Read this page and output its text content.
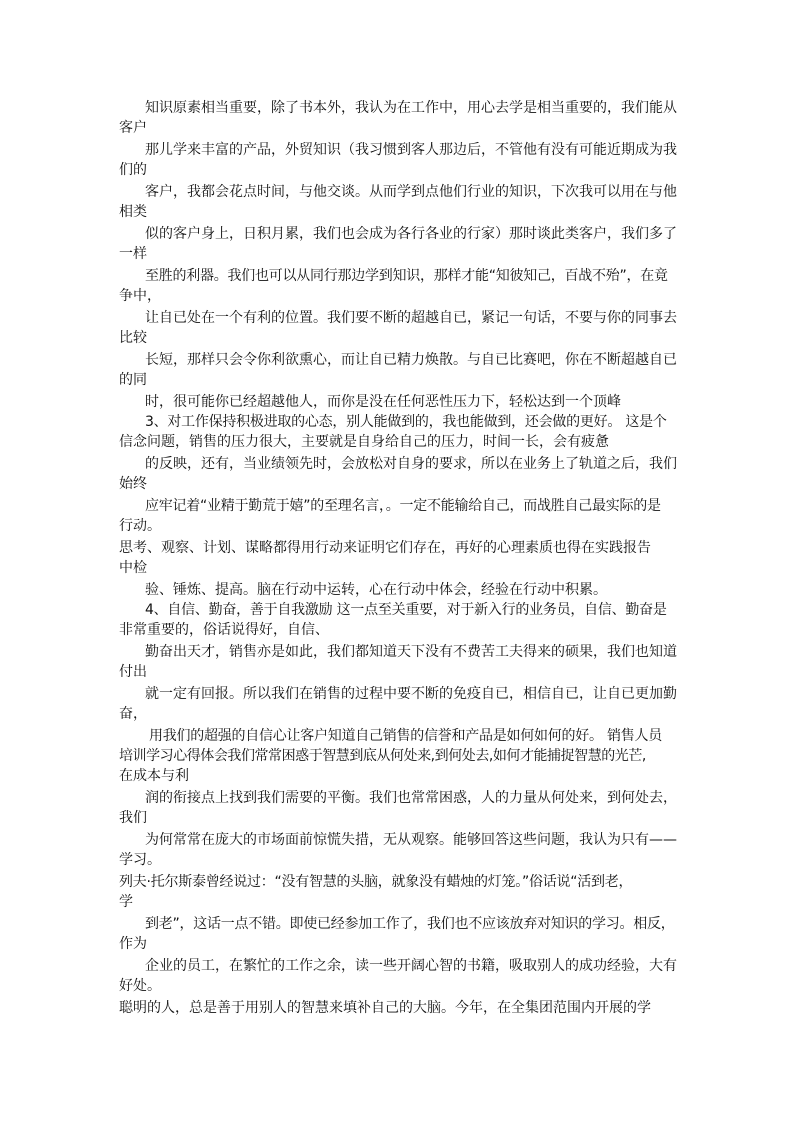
知识原素相当重要，除了书本外，我认为在工作中，用心去学是相当重要的，我们能从
客户
那儿学来丰富的产品，外贸知识（我习惯到客人那边后，不管他有没有可能近期成为我
们的
客户，我都会花点时间，与他交谈。从而学到点他们行业的知识，下次我可以用在与他
相类
似的客户身上，日积月累，我们也会成为各行各业的行家）那时谈此类客户，我们多了
一样
至胜的利器。我们也可以从同行那边学到知识，那样才能“知彼知己，百战不殆”，在竟
争中，
让自已处在一个有利的位置。我们要不断的超越自已，紧记一句话，不要与你的同事去
比较
长短，那样只会令你利欲熏心，而让自已精力焕散。与自已比赛吧，你在不断超越自已
的同
时，很可能你已经超越他人，而你是没在任何恶性压力下，轻松达到一个顶峰
3、对工作保持积极进取的心态，别人能做到的，我也能做到，还会做的更好。 这是个
信念问题，销售的压力很大，主要就是自身给自己的压力，时间一长，会有疲惫
的反映，还有，当业绩领先时，会放松对自身的要求，所以在业务上了轨道之后，我们
始终
应牢记着“业精于勤荒于嬉”的至理名言，。一定不能输给自己，而战胜自己最实际的是
行动。
思考、观察、计划、谋略都得用行动来证明它们存在，再好的心理素质也得在实践报告
中检
验、锤炼、提高。脑在行动中运转，心在行动中体会，经验在行动中积累。
4、自信、勤奋，善于自我激励 这一点至关重要，对于新入行的业务员，自信、勤奋是
非常重要的，俗话说得好，自信、
勤奋出天才，销售亦是如此，我们都知道天下没有不费苦工夫得来的硕果，我们也知道
付出
就一定有回报。所以我们在销售的过程中要不断的免疫自已，相信自已，让自已更加勤
奋，
用我们的超强的自信心让客户知道自己销售的信誉和产品是如何如何的好。 销售人员
培训学习心得体会我们常常困惑于智慧到底从何处来,到何处去,如何才能捕捉智慧的光芒,
在成本与利
润的衔接点上找到我们需要的平衡。我们也常常困惑，人的力量从何处来，到何处去，
我们
为何常常在庞大的市场面前惊慌失措，无从观察。能够回答这些问题，我认为只有——
学习。
列夫·托尔斯泰曾经说过：“没有智慧的头脑，就象没有蜡烛的灯笼。”俗话说“活到老，
学
到老”，这话一点不错。即使已经参加工作了，我们也不应该放弃对知识的学习。相反，
作为
企业的员工，在繁忙的工作之余，读一些开阔心智的书籍，吸取别人的成功经验，大有
好处。
聪明的人，总是善于用别人的智慧来填补自己的大脑。今年，在全集团范围内开展的学
